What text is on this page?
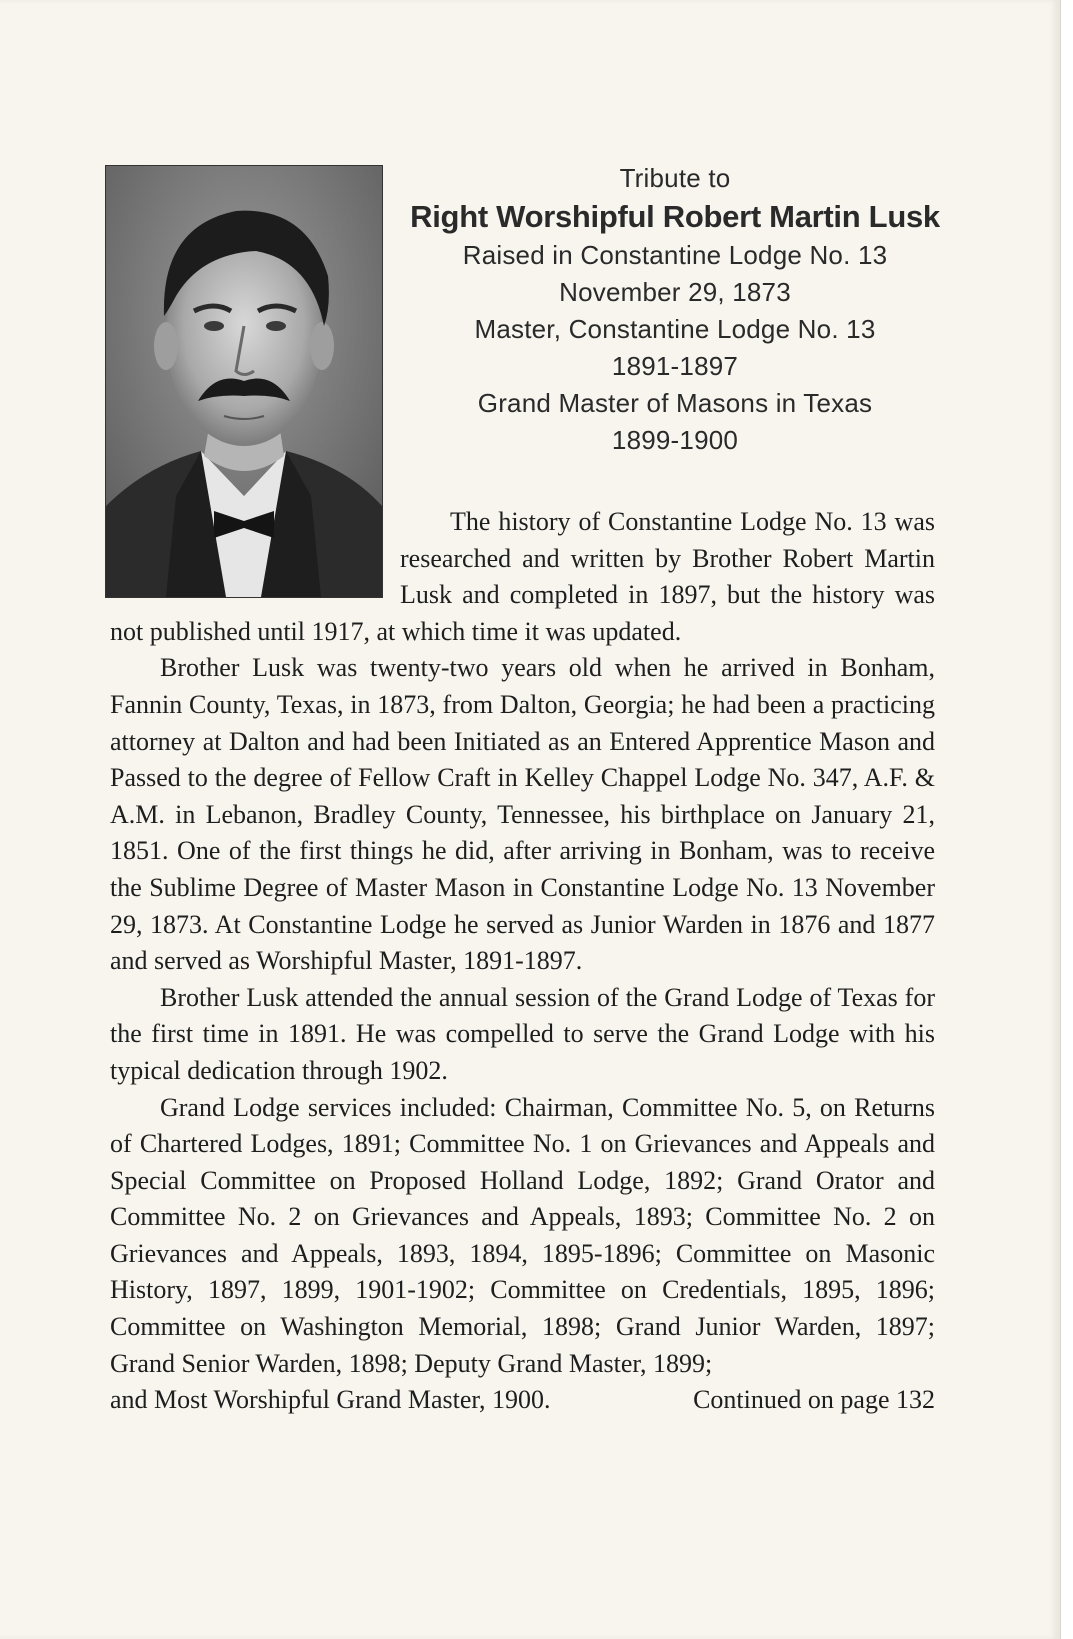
Tribute to
Right Worshipful Robert Martin Lusk
Raised in Constantine Lodge No. 13
November 29, 1873
Master, Constantine Lodge No. 13
1891-1897
Grand Master of Masons in Texas
1899-1900

The history of Constantine Lodge No. 13 was researched and written by Brother Robert Martin Lusk and completed in 1897, but the history was not published until 1917, at which time it was updated.

Brother Lusk was twenty-two years old when he arrived in Bonham, Fannin County, Texas, in 1873, from Dalton, Georgia; he had been a practicing attorney at Dalton and had been Initiated as an Entered Apprentice Mason and Passed to the degree of Fellow Craft in Kelley Chappel Lodge No. 347, A.F. & A.M. in Lebanon, Bradley County, Tennessee, his birthplace on January 21, 1851. One of the first things he did, after arriving in Bonham, was to receive the Sublime Degree of Master Mason in Constantine Lodge No. 13 November 29, 1873. At Constantine Lodge he served as Junior Warden in 1876 and 1877 and served as Worshipful Master, 1891-1897.

Brother Lusk attended the annual session of the Grand Lodge of Texas for the first time in 1891. He was compelled to serve the Grand Lodge with his typical dedication through 1902.

Grand Lodge services included: Chairman, Committee No. 5, on Returns of Chartered Lodges, 1891; Committee No. 1 on Grievances and Appeals and Special Committee on Proposed Holland Lodge, 1892; Grand Orator and Committee No. 2 on Grievances and Appeals, 1893; Committee No. 2 on Grievances and Appeals, 1893, 1894, 1895-1896; Committee on Masonic History, 1897, 1899, 1901-1902; Committee on Credentials, 1895, 1896; Committee on Washington Memorial, 1898; Grand Junior Warden, 1897; Grand Senior Warden, 1898; Deputy Grand Master, 1899;

and Most Worshipful Grand Master, 1900.	Continued on page 132
